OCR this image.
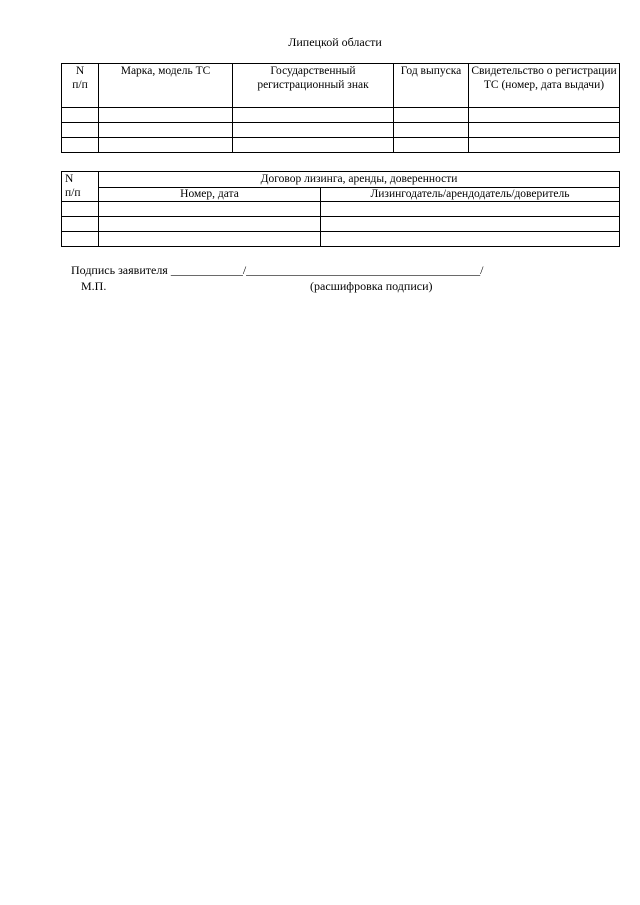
Липецкой области
N
п/п	Марка, модель ТС	Государственный регистрационный знак	Год выпуска	Свидетельство о регистрации ТС (номер, дата выдачи)

N
п/п	Договор лизинга, аренды, доверенности	
	Номер, дата	Лизингодатель/арендодатель/доверитель

Подпись заявителя ____________/_______________________________________/
М.П.	(расшифровка подписи)
